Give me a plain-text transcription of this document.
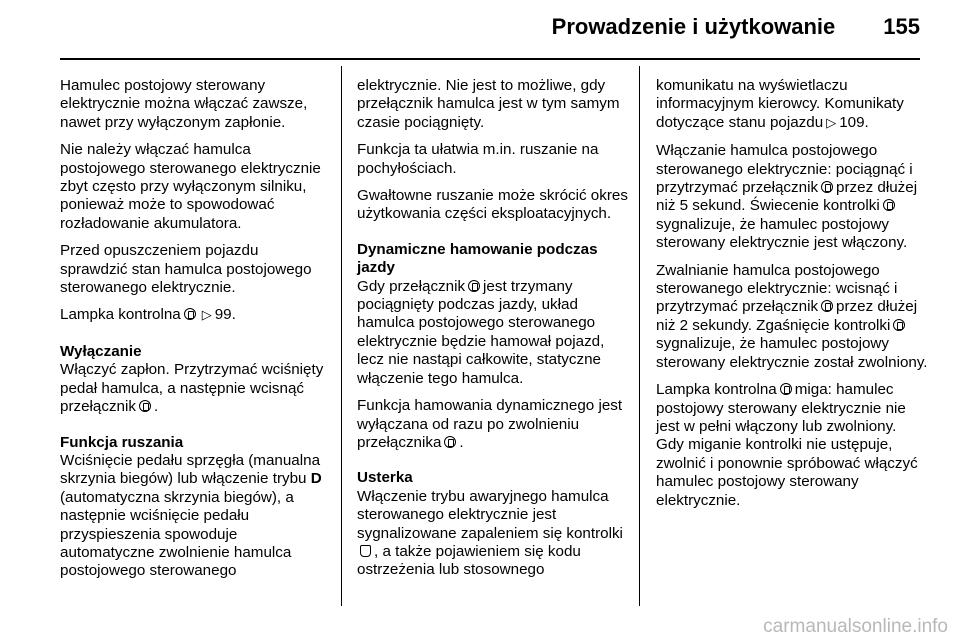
Prowadzenie i użytkowanie 155

Hamulec postojowy sterowany elektrycznie można włączać zawsze, nawet przy wyłączonym zapłonie.

Nie należy włączać hamulca postojowego sterowanego elektrycznie zbyt często przy wyłączonym silniku, ponieważ może to spowodować rozładowanie akumulatora.

Przed opuszczeniem pojazdu sprawdzić stan hamulca postojowego sterowanego elektrycznie.

Lampka kontrolna ▷ 99.

Wyłączanie

Włączyć zapłon. Przytrzymać wciśnięty pedał hamulca, a następnie wcisnąć przełącznik .

Funkcja ruszania

Wciśnięcie pedału sprzęgła (manualna skrzynia biegów) lub włączenie trybu D (automatyczna skrzynia biegów), a następnie wciśnięcie pedału przyspieszenia spowoduje automatyczne zwolnienie hamulca postojowego sterowanego

elektrycznie. Nie jest to możliwe, gdy przełącznik hamulca jest w tym samym czasie pociągnięty.

Funkcja ta ułatwia m.in. ruszanie na pochyłościach.

Gwałtowne ruszanie może skrócić okres użytkowania części eksploatacyjnych.

Dynamiczne hamowanie podczas jazdy

Gdy przełącznik jest trzymany pociągnięty podczas jazdy, układ hamulca postojowego sterowanego elektrycznie będzie hamował pojazd, lecz nie nastąpi całkowite, statyczne włączenie tego hamulca.

Funkcja hamowania dynamicznego jest wyłączana od razu po zwolnieniu przełącznika .

Usterka

Włączenie trybu awaryjnego hamulca sterowanego elektrycznie jest sygnalizowane zapaleniem się kontrolki, a także pojawieniem się kodu ostrzeżenia lub stosownego

komunikatu na wyświetlaczu informacyjnym kierowcy. Komunikaty dotyczące stanu pojazdu ▷ 109.

Włączanie hamulca postojowego sterowanego elektrycznie: pociągnąć i przytrzymać przełącznik przez dłużej niż 5 sekund. Świecenie kontrolkisygnalizuje, że hamulec postojowy sterowany elektrycznie jest włączony.

Zwalnianie hamulca postojowego sterowanego elektrycznie: wcisnąć i przytrzymać przełącznik przez dłużej niż 2 sekundy. Zgaśnięcie kontrolkisygnalizuje, że hamulec postojowy sterowany elektrycznie został zwolniony.

Lampka kontrolna miga: hamulec postojowy sterowany elektrycznie nie jest w pełni włączony lub zwolniony. Gdy miganie kontrolki nie ustępuje, zwolnić i ponownie spróbować włączyć hamulec postojowy sterowany elektrycznie.

carmanualsonline.info
